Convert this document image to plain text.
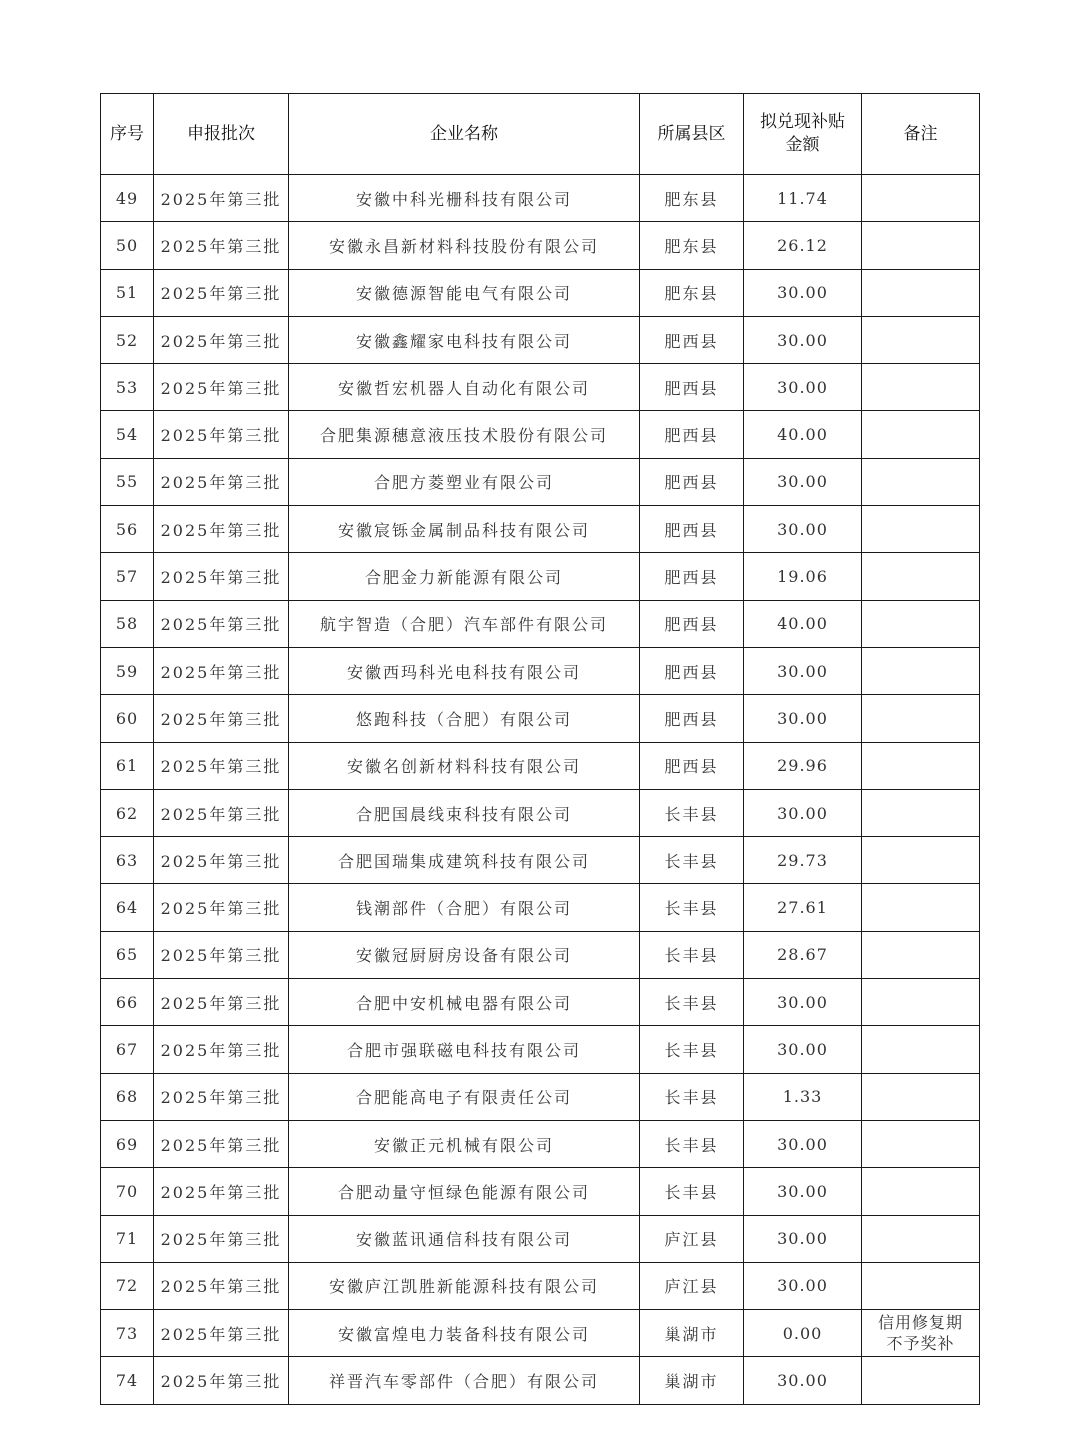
序号	申报批次	企业名称	所属县区	拟兑现补贴金额	备注
49	2025年第三批	安徽中科光栅科技有限公司	肥东县	11.74	
50	2025年第三批	安徽永昌新材料科技股份有限公司	肥东县	26.12	
51	2025年第三批	安徽德源智能电气有限公司	肥东县	30.00	
52	2025年第三批	安徽鑫耀家电科技有限公司	肥西县	30.00	
53	2025年第三批	安徽哲宏机器人自动化有限公司	肥西县	30.00	
54	2025年第三批	合肥集源穗意液压技术股份有限公司	肥西县	40.00	
55	2025年第三批	合肥方菱塑业有限公司	肥西县	30.00	
56	2025年第三批	安徽宸铄金属制品科技有限公司	肥西县	30.00	
57	2025年第三批	合肥金力新能源有限公司	肥西县	19.06	
58	2025年第三批	航宇智造（合肥）汽车部件有限公司	肥西县	40.00	
59	2025年第三批	安徽西玛科光电科技有限公司	肥西县	30.00	
60	2025年第三批	悠跑科技（合肥）有限公司	肥西县	30.00	
61	2025年第三批	安徽名创新材料科技有限公司	肥西县	29.96	
62	2025年第三批	合肥国晨线束科技有限公司	长丰县	30.00	
63	2025年第三批	合肥国瑞集成建筑科技有限公司	长丰县	29.73	
64	2025年第三批	钱潮部件（合肥）有限公司	长丰县	27.61	
65	2025年第三批	安徽冠厨厨房设备有限公司	长丰县	28.67	
66	2025年第三批	合肥中安机械电器有限公司	长丰县	30.00	
67	2025年第三批	合肥市强联磁电科技有限公司	长丰县	30.00	
68	2025年第三批	合肥能高电子有限责任公司	长丰县	1.33	
69	2025年第三批	安徽正元机械有限公司	长丰县	30.00	
70	2025年第三批	合肥动量守恒绿色能源有限公司	长丰县	30.00	
71	2025年第三批	安徽蓝讯通信科技有限公司	庐江县	30.00	
72	2025年第三批	安徽庐江凯胜新能源科技有限公司	庐江县	30.00	
73	2025年第三批	安徽富煌电力装备科技有限公司	巢湖市	0.00	信用修复期不予奖补
74	2025年第三批	祥晋汽车零部件（合肥）有限公司	巢湖市	30.00	
